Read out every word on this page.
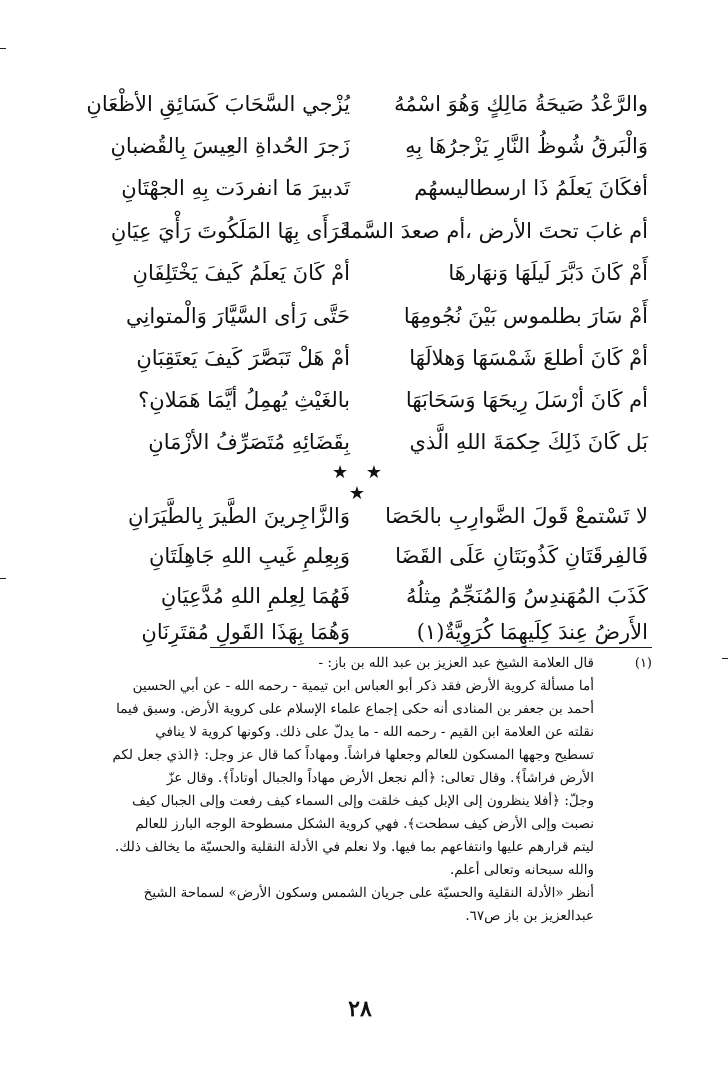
والرَّعْدُ صَيحَةُ مَالِكٍ وَهُوَ اسْمُهُ
يُزْجي السَّحَابَ كَسَائِقِ الأظْعَانِ
وَالْبَرقُ شُوظُ النَّارِ يَزْجرُهَا بِهِ
زَجرَ الحُداةِ العِيسَ بِالقُضبانِ
أفكَانَ يَعلَمُ ذَا ارسطاليسهُم
تَدبيرَ مَا انفردَت بِهِ الجهْتَانِ
أم غابَ تحتَ الأرض ،أم صعدَ السَّما
فَرَأَى بِهَا المَلَكُوتَ رَأْيَ عِيَانِ
أَمْ كَانَ دَبَّرَ لَيلَهَا وَنهَارهَا
أمْ كَانَ يَعلَمُ كَيفَ يَخْتَلِفَانِ
أَمْ سَارَ بطلموس بَيْنَ نُجُومِهَا
حَتَّى رَأى السَّيَّارَ وَالْمتوانِي
أمْ كَانَ أطلعَ شَمْسَهَا وَهلالَهَا
أمْ هَلْ تَبَصَّرَ كَيفَ يَعتَقِبَانِ
أم كَانَ أرْسَلَ رِيحَهَا وَسَحَابَهَا
بالغَيْثِ يُهمِلُ أيَّمَا هَمَلانِ؟
بَل كَانَ ذَلِكَ حِكمَةَ اللهِ الَّذي
بِقَضَائِهِ مُتَصَرِّفُ الأزْمَانِ
★ ★ ★
لا تَسْتمعْ قَولَ الضَّوارِبِ بالحَصَا
وَالزَّاجِرينَ الطَّيرَ بِالطَّيَرَانِ
فَالفِرقَتَانِ كَذُوبَتَانِ عَلَى القَضَا
وَبِعِلمِ غَيبِ اللهِ جَاهِلَتَانِ
كَذَبَ المُهَندِسُ وَالمُنَجِّمُ مِثلُهُ
فَهُمَا لِعِلمِ اللهِ مُدَّعِيَانِ
الأَرضُ عِندَ كِلَيهِمَا كُرَوِيَّةٌ(١)
وَهُمَا بِهَذَا القَولِ مُقتَرِنَانِ
(١)
قال العلامة الشيخ عبد العزيز بن عبد الله بن باز: -
أما مسألة كروية الأرض فقد ذكر أبو العباس ابن تيمية - رحمه الله - عن أبي الحسين
أحمد بن جعفر بن المنادى أنه حكى إجماع علماء الإسلام على كروية الأرض. وسبق فيما
نقلته عن العلامة ابن القيم - رحمه الله - ما يدلّ على ذلك. وكونها كروية لا ينافي
تسطيح وجهها المسكون للعالم وجعلها فراشاً. ومهاداً كما قال عز وجل: ﴿الذي جعل لكم
الأرض فراشاً﴾. وقال تعالى: ﴿ألم نجعل الأرض مهاداً والجبال أوتاداً﴾. وقال عزّ
وجلّ: ﴿أفلا ينظرون إلى الإبل كيف خلقت وإلى السماء كيف رفعت وإلى الجبال كيف
نصبت وإلى الأرض كيف سطحت﴾. فهي كروية الشكل مسطوحة الوجه البارز للعالم
ليتم قرارهم عليها وانتفاعهم بما فيها. ولا نعلم في الأدلة النقلية والحسيّة ما يخالف ذلك.
والله سبحانه وتعالى أعلم.
أنظر «الأدلة النقلية والحسيّة على جريان الشمس وسكون الأرض» لسماحة الشيخ
عبدالعزيز بن باز ص٦٧.
٢٨
